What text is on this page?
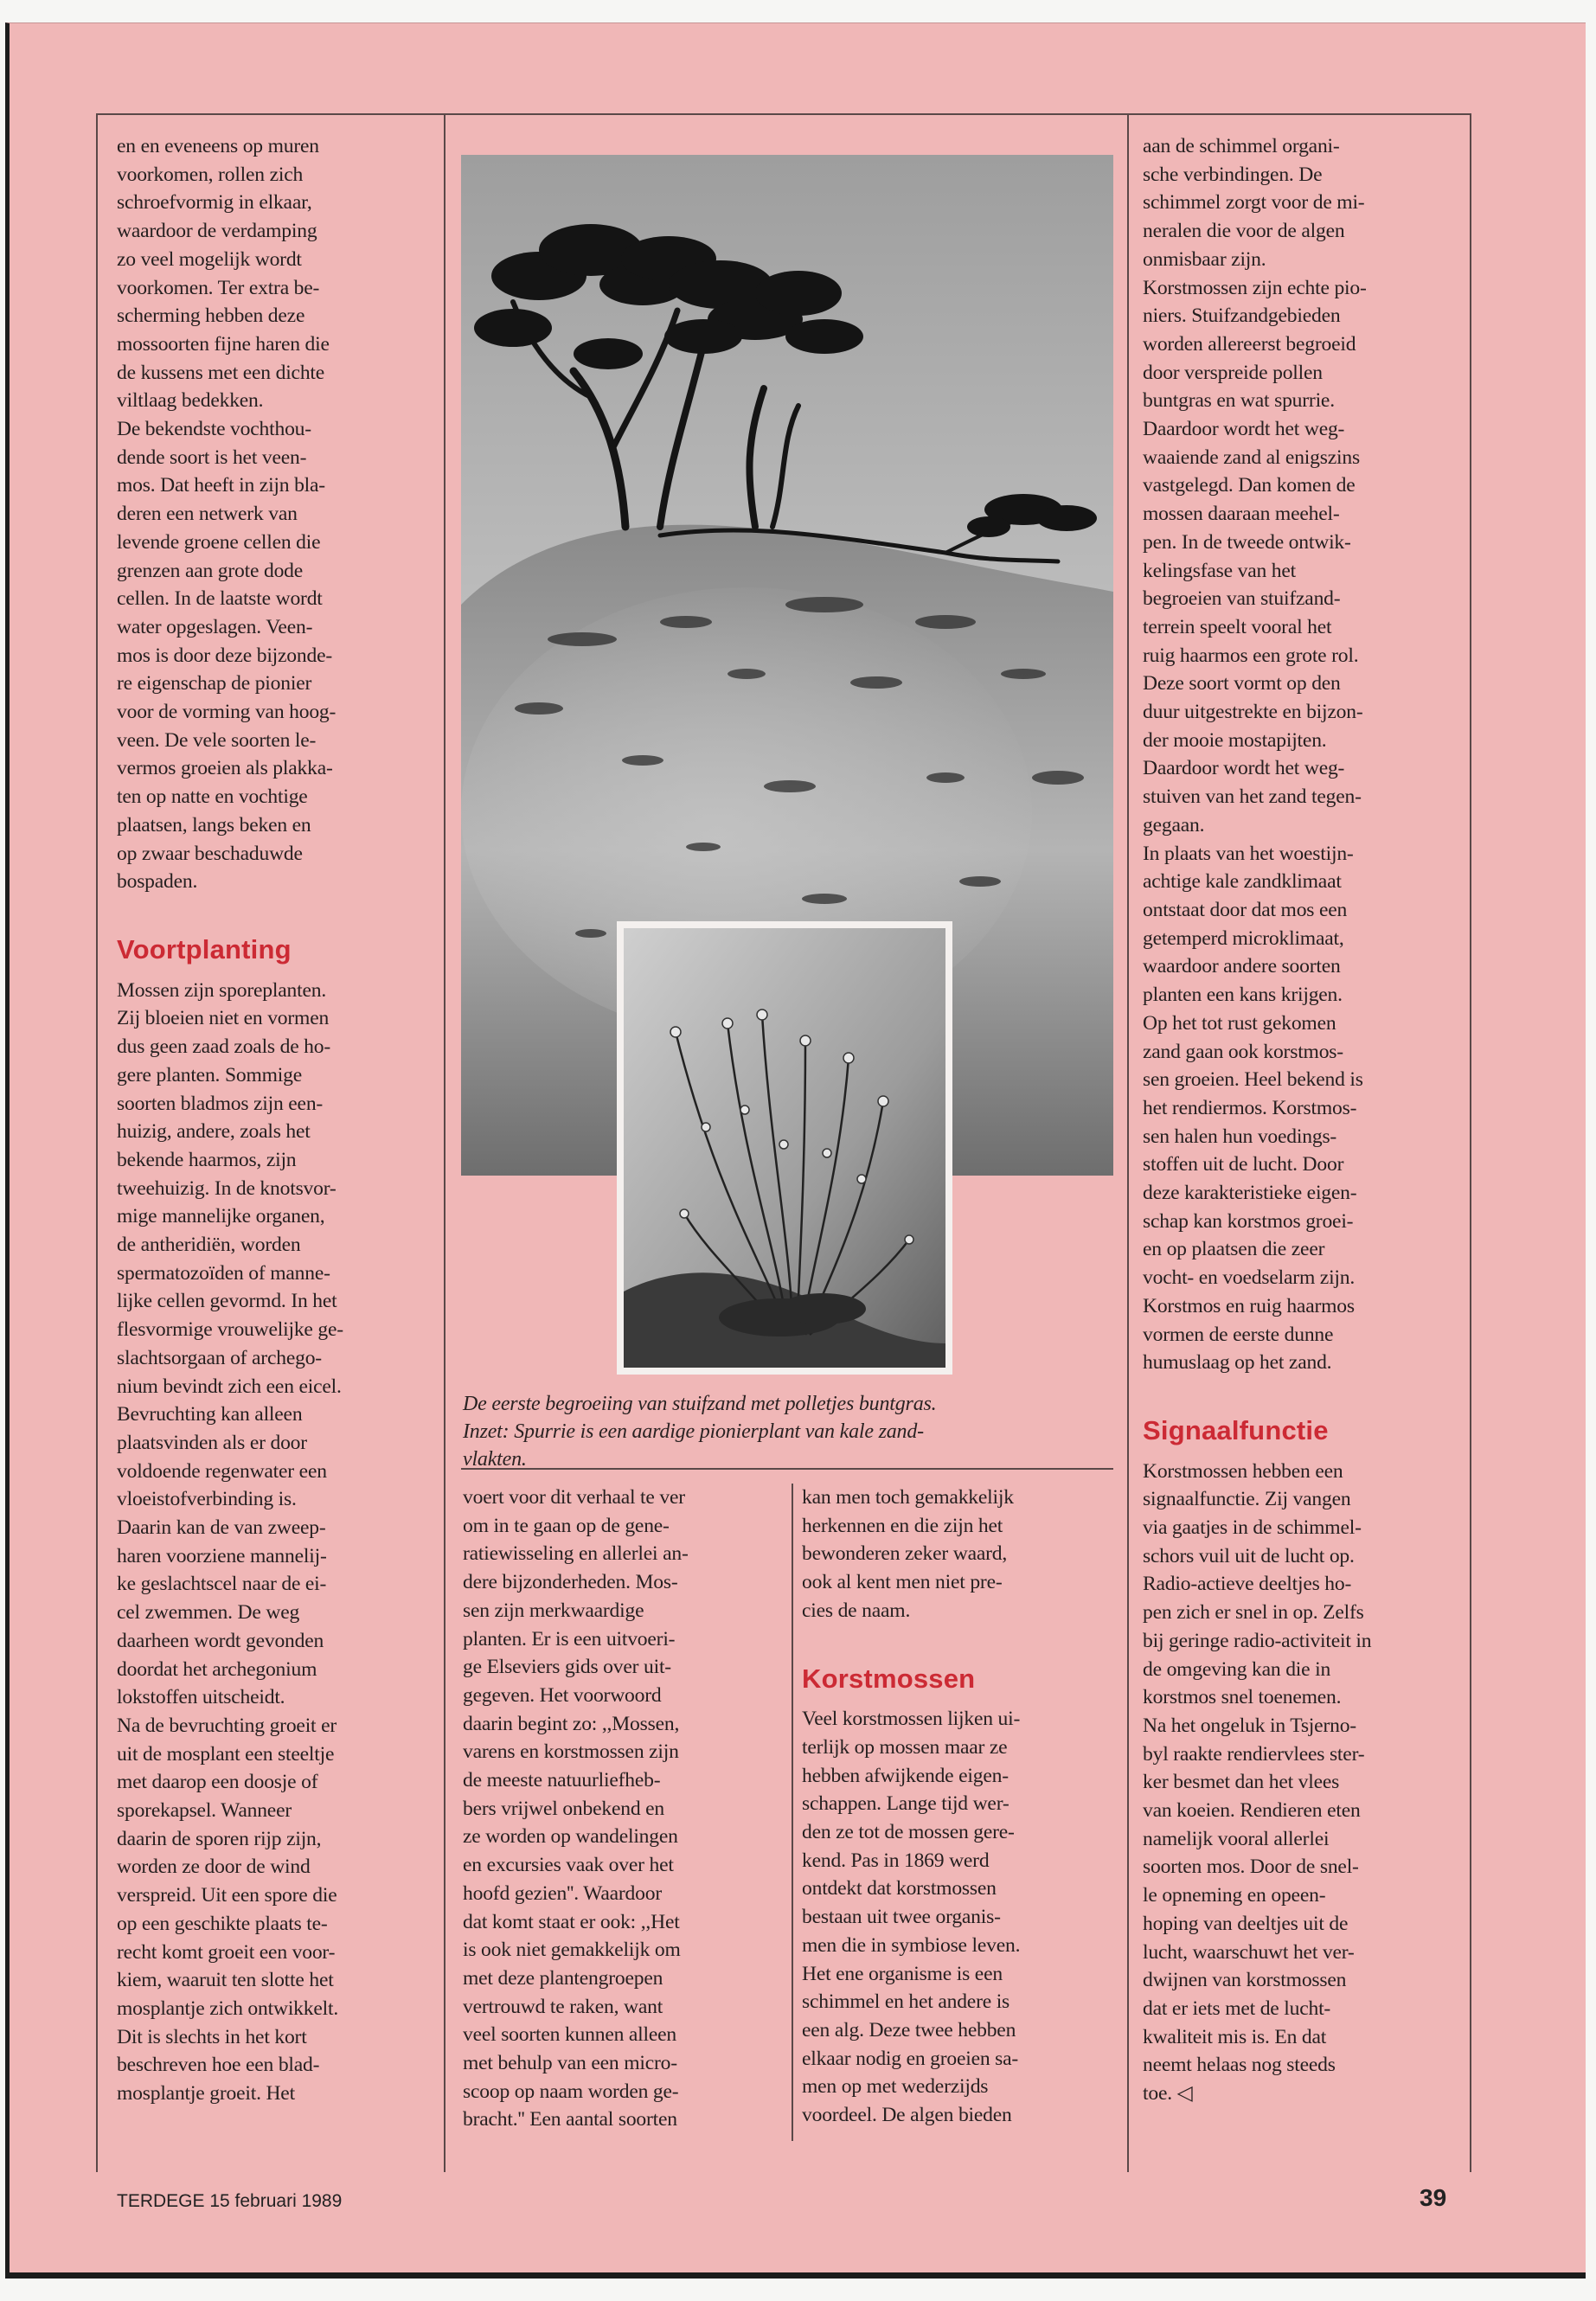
en en eveneens op muren

voorkomen, rollen zich

schroefvormig in elkaar,

waardoor de verdamping

zo veel mogelijk wordt

voorkomen. Ter extra be-

scherming hebben deze

mossoorten fijne haren die

de kussens met een dichte

viltlaag bedekken.

De bekendste vochthou-

dende soort is het veen-

mos. Dat heeft in zijn bla-

deren een netwerk van

levende groene cellen die

grenzen aan grote dode

cellen. In de laatste wordt

water opgeslagen. Veen-

mos is door deze bijzonde-

re eigenschap de pionier

voor de vorming van hoog-

veen. De vele soorten le-

vermos groeien als plakka-

ten op natte en vochtige

plaatsen, langs beken en

op zwaar beschaduwde

bospaden.

Voortplanting

Mossen zijn sporeplanten.

Zij bloeien niet en vormen

dus geen zaad zoals de ho-

gere planten. Sommige

soorten bladmos zijn een-

huizig, andere, zoals het

bekende haarmos, zijn

tweehuizig. In de knotsvor-

mige mannelijke organen,

de antheridiën, worden

spermatozoïden of manne-

lijke cellen gevormd. In het

flesvormige vrouwelijke ge-

slachtsorgaan of archego-

nium bevindt zich een eicel.

Bevruchting kan alleen

plaatsvinden als er door

voldoende regenwater een

vloeistofverbinding is.

Daarin kan de van zweep-

haren voorziene mannelij-

ke geslachtscel naar de ei-

cel zwemmen. De weg

daarheen wordt gevonden

doordat het archegonium

lokstoffen uitscheidt.

Na de bevruchting groeit er

uit de mosplant een steeltje

met daarop een doosje of

sporekapsel. Wanneer

daarin de sporen rijp zijn,

worden ze door de wind

verspreid. Uit een spore die

op een geschikte plaats te-

recht komt groeit een voor-

kiem, waaruit ten slotte het

mosplantje zich ontwikkelt.

Dit is slechts in het kort

beschreven hoe een blad-

mosplantje groeit. Het

De eerste begroeiing van stuifzand met polletjes buntgras.

Inzet: Spurrie is een aardige pionierplant van kale zand-

vlakten.

voert voor dit verhaal te ver

om in te gaan op de gene-

ratiewisseling en allerlei an-

dere bijzonderheden. Mos-

sen zijn merkwaardige

planten. Er is een uitvoeri-

ge Elseviers gids over uit-

gegeven. Het voorwoord

daarin begint zo: ,,Mossen,

varens en korstmossen zijn

de meeste natuurliefheb-

bers vrijwel onbekend en

ze worden op wandelingen

en excursies vaak over het

hoofd gezien''. Waardoor

dat komt staat er ook: ,,Het

is ook niet gemakkelijk om

met deze plantengroepen

vertrouwd te raken, want

veel soorten kunnen alleen

met behulp van een micro-

scoop op naam worden ge-

bracht.'' Een aantal soorten

kan men toch gemakkelijk

herkennen en die zijn het

bewonderen zeker waard,

ook al kent men niet pre-

cies de naam.

Korstmossen

Veel korstmossen lijken ui-

terlijk op mossen maar ze

hebben afwijkende eigen-

schappen. Lange tijd wer-

den ze tot de mossen gere-

kend. Pas in 1869 werd

ontdekt dat korstmossen

bestaan uit twee organis-

men die in symbiose leven.

Het ene organisme is een

schimmel en het andere is

een alg. Deze twee hebben

elkaar nodig en groeien sa-

men op met wederzijds

voordeel. De algen bieden

aan de schimmel organi-

sche verbindingen. De

schimmel zorgt voor de mi-

neralen die voor de algen

onmisbaar zijn.

Korstmossen zijn echte pio-

niers. Stuifzandgebieden

worden allereerst begroeid

door verspreide pollen

buntgras en wat spurrie.

Daardoor wordt het weg-

waaiende zand al enigszins

vastgelegd. Dan komen de

mossen daaraan meehel-

pen. In de tweede ontwik-

kelingsfase van het

begroeien van stuifzand-

terrein speelt vooral het

ruig haarmos een grote rol.

Deze soort vormt op den

duur uitgestrekte en bijzon-

der mooie mostapijten.

Daardoor wordt het weg-

stuiven van het zand tegen-

gegaan.

In plaats van het woestijn-

achtige kale zandklimaat

ontstaat door dat mos een

getemperd microklimaat,

waardoor andere soorten

planten een kans krijgen.

Op het tot rust gekomen

zand gaan ook korstmos-

sen groeien. Heel bekend is

het rendiermos. Korstmos-

sen halen hun voedings-

stoffen uit de lucht. Door

deze karakteristieke eigen-

schap kan korstmos groei-

en op plaatsen die zeer

vocht- en voedselarm zijn.

Korstmos en ruig haarmos

vormen de eerste dunne

humuslaag op het zand.

Signaalfunctie

Korstmossen hebben een

signaalfunctie. Zij vangen

via gaatjes in de schimmel-

schors vuil uit de lucht op.

Radio-actieve deeltjes ho-

pen zich er snel in op. Zelfs

bij geringe radio-activiteit in

de omgeving kan die in

korstmos snel toenemen.

Na het ongeluk in Tsjerno-

byl raakte rendiervlees ster-

ker besmet dan het vlees

van koeien. Rendieren eten

namelijk vooral allerlei

soorten mos. Door de snel-

le opneming en opeen-

hoping van deeltjes uit de

lucht, waarschuwt het ver-

dwijnen van korstmossen

dat er iets met de lucht-

kwaliteit mis is. En dat

neemt helaas nog steeds

toe. ◁

TERDEGE 15 februari 1989	39
